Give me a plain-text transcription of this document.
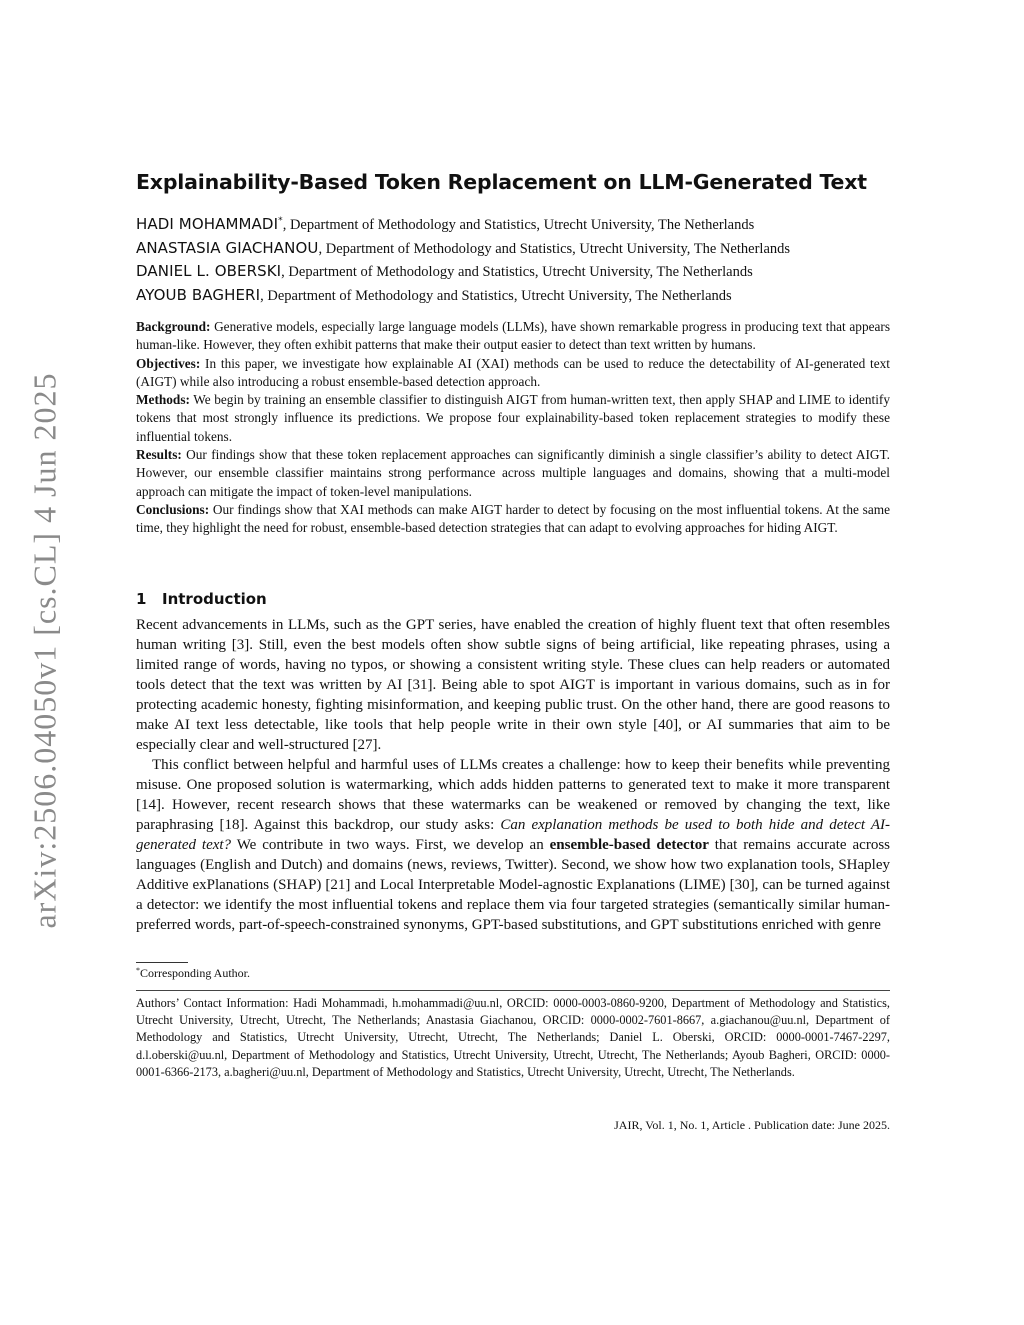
arXiv:2506.04050v1 [cs.CL] 4 Jun 2025
Explainability-Based Token Replacement on LLM-Generated Text
HADI MOHAMMADI*, Department of Methodology and Statistics, Utrecht University, The Netherlands
ANASTASIA GIACHANOU, Department of Methodology and Statistics, Utrecht University, The Netherlands
DANIEL L. OBERSKI, Department of Methodology and Statistics, Utrecht University, The Netherlands
AYOUB BAGHERI, Department of Methodology and Statistics, Utrecht University, The Netherlands

Background: Generative models, especially large language models (LLMs), have shown remarkable progress in producing text that appears human-like. However, they often exhibit patterns that make their output easier to detect than text written by humans.

Objectives: In this paper, we investigate how explainable AI (XAI) methods can be used to reduce the detectability of AI-generated text (AIGT) while also introducing a robust ensemble-based detection approach.

Methods: We begin by training an ensemble classifier to distinguish AIGT from human-written text, then apply SHAP and LIME to identify tokens that most strongly influence its predictions. We propose four explainability-based token replacement strategies to modify these influential tokens.

Results: Our findings show that these token replacement approaches can significantly diminish a single classifier’s ability to detect AIGT. However, our ensemble classifier maintains strong performance across multiple languages and domains, showing that a multi-model approach can mitigate the impact of token-level manipulations.

Conclusions: Our findings show that XAI methods can make AIGT harder to detect by focusing on the most influential tokens. At the same time, they highlight the need for robust, ensemble-based detection strategies that can adapt to evolving approaches for hiding AIGT.

1 Introduction

Recent advancements in LLMs, such as the GPT series, have enabled the creation of highly fluent text that often resembles human writing [3]. Still, even the best models often show subtle signs of being artificial, like repeating phrases, using a limited range of words, having no typos, or showing a consistent writing style. These clues can help readers or automated tools detect that the text was written by AI [31]. Being able to spot AIGT is important in various domains, such as in for protecting academic honesty, fighting misinformation, and keeping public trust. On the other hand, there are good reasons to make AI text less detectable, like tools that help people write in their own style [40], or AI summaries that aim to be especially clear and well-structured [27].

This conflict between helpful and harmful uses of LLMs creates a challenge: how to keep their benefits while preventing misuse. One proposed solution is watermarking, which adds hidden patterns to generated text to make it more transparent [14]. However, recent research shows that these watermarks can be weakened or removed by changing the text, like paraphrasing [18]. Against this backdrop, our study asks: Can explanation methods be used to both hide and detect AI-generated text? We contribute in two ways. First, we develop an ensemble-based detector that remains accurate across languages (English and Dutch) and domains (news, reviews, Twitter). Second, we show how two explanation tools, SHapley Additive exPlanations (SHAP) [21] and Local Interpretable Model-agnostic Explanations (LIME) [30], can be turned against a detector: we identify the most influential tokens and replace them via four targeted strategies (semantically similar human-preferred words, part-of-speech-constrained synonyms, GPT-based substitutions, and GPT substitutions enriched with genre

*Corresponding Author.

Authors’ Contact Information: Hadi Mohammadi, h.mohammadi@uu.nl, ORCID: 0000-0003-0860-9200, Department of Methodology and Statistics, Utrecht University, Utrecht, Utrecht, The Netherlands; Anastasia Giachanou, ORCID: 0000-0002-7601-8667, a.giachanou@uu.nl, Department of Methodology and Statistics, Utrecht University, Utrecht, Utrecht, The Netherlands; Daniel L. Oberski, ORCID: 0000-0001-7467-2297, d.l.oberski@uu.nl, Department of Methodology and Statistics, Utrecht University, Utrecht, Utrecht, The Netherlands; Ayoub Bagheri, ORCID: 0000-0001-6366-2173, a.bagheri@uu.nl, Department of Methodology and Statistics, Utrecht University, Utrecht, Utrecht, The Netherlands.

JAIR, Vol. 1, No. 1, Article . Publication date: June 2025.
